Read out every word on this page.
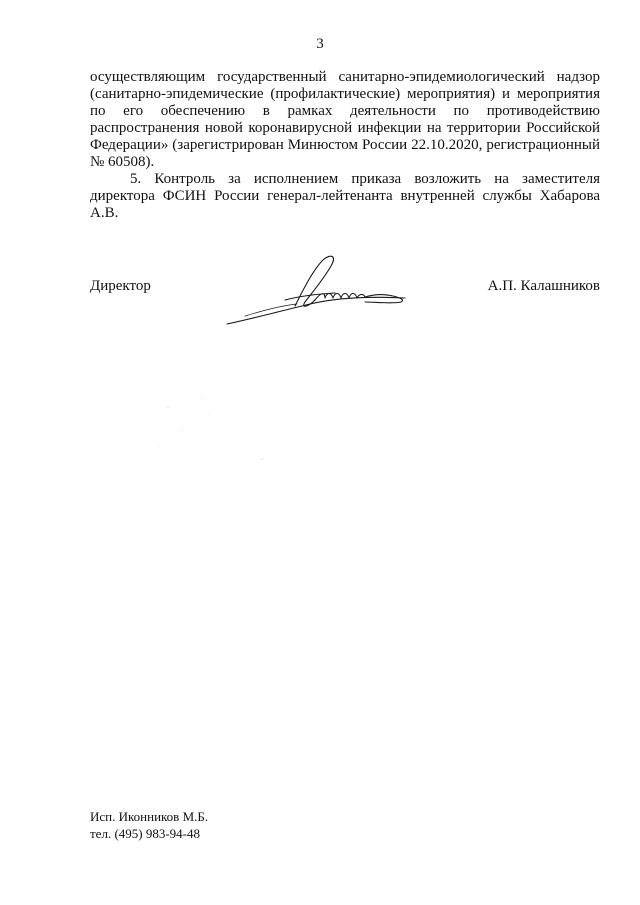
3

осуществляющим государственный санитарно-эпидемиологический надзор (санитарно-эпидемические (профилактические) мероприятия) и мероприятия по его обеспечению в рамках деятельности по противодействию распространения новой коронавирусной инфекции на территории Российской Федерации» (зарегистрирован Минюстом России 22.10.2020, регистрационный № 60508).

5. Контроль за исполнением приказа возложить на заместителя директора ФСИН России генерал-лейтенанта внутренней службы Хабарова А.В.

Директор	А.П. Калашников
Исп. Иконников М.Б.
тел. (495) 983-94-48
